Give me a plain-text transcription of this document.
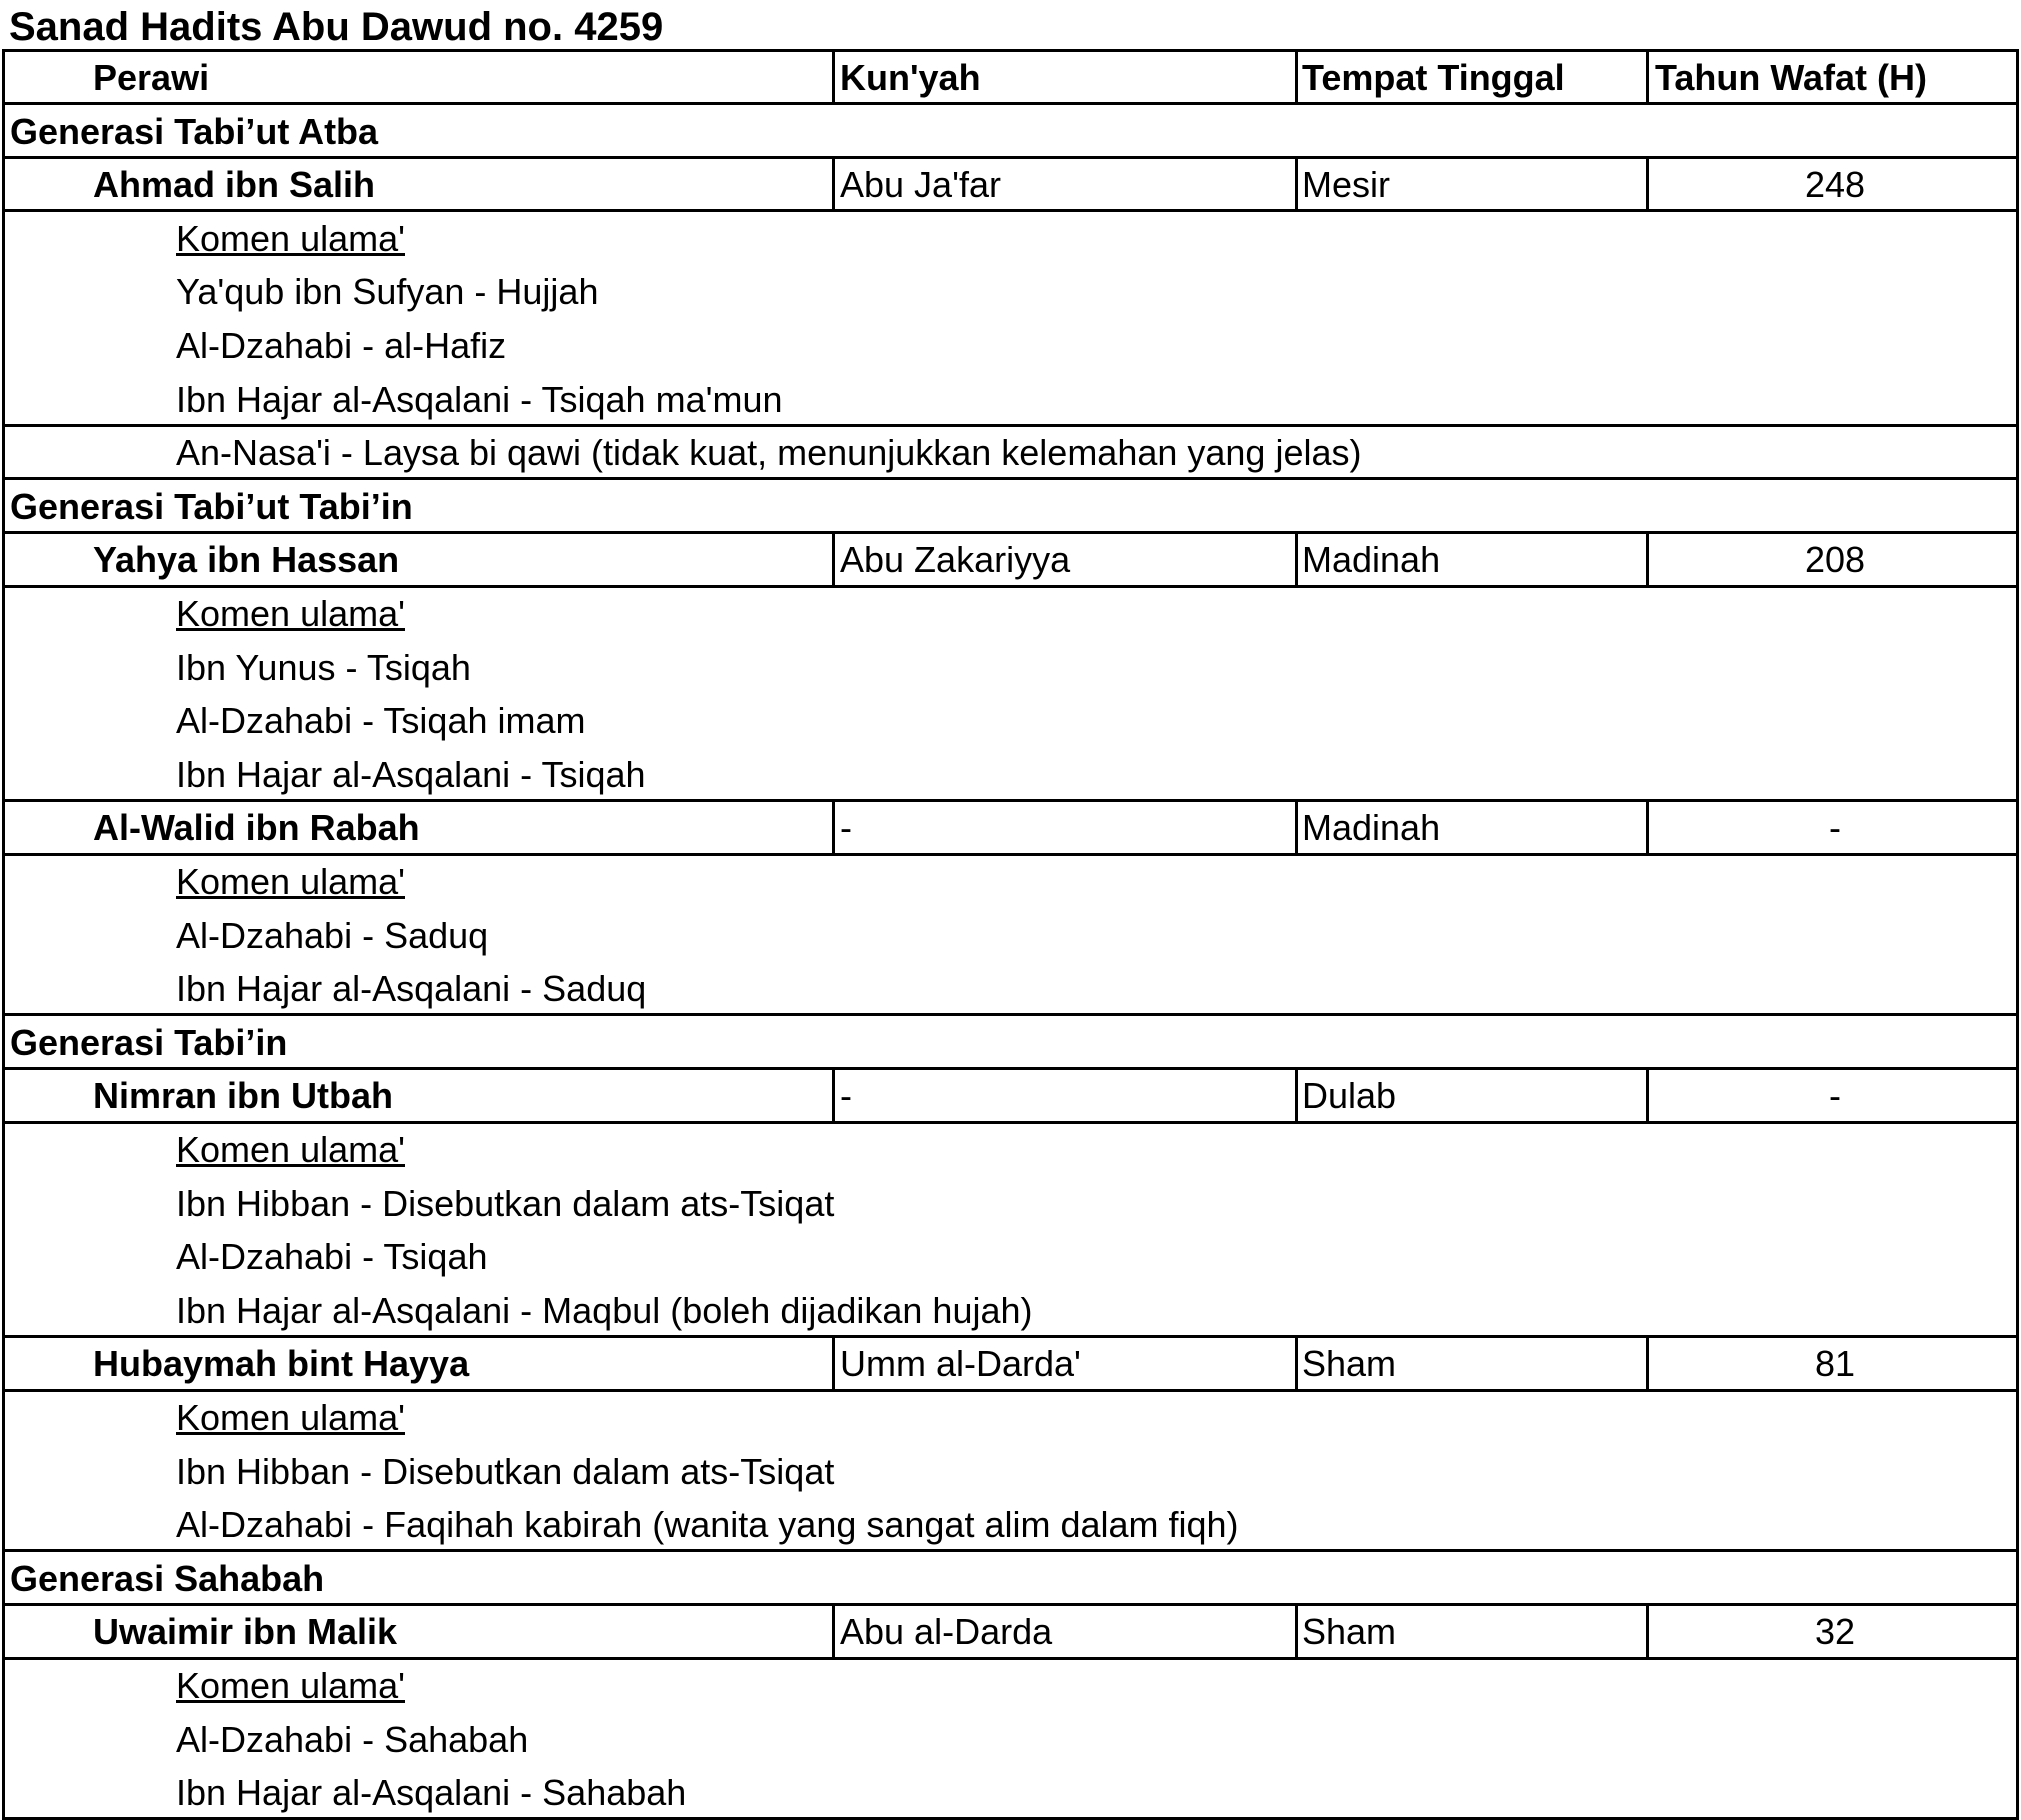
Sanad Hadits Abu Dawud no. 4259
Perawi	Kun'yah	Tempat Tinggal	Tahun Wafat (H)
Generasi Tabi’ut Atba
Ahmad ibn Salih	Abu Ja'far	Mesir	248
Komen ulama'
Ya'qub ibn Sufyan - Hujjah
Al-Dzahabi - al-Hafiz
Ibn Hajar al-Asqalani - Tsiqah ma'mun
An-Nasa'i - Laysa bi qawi (tidak kuat, menunjukkan kelemahan yang jelas)
Generasi Tabi’ut Tabi’in
Yahya ibn Hassan	Abu Zakariyya	Madinah	208
Komen ulama'
Ibn Yunus - Tsiqah
Al-Dzahabi - Tsiqah imam
Ibn Hajar al-Asqalani - Tsiqah
Al-Walid ibn Rabah	-	Madinah	-
Komen ulama'
Al-Dzahabi - Saduq
Ibn Hajar al-Asqalani - Saduq
Generasi Tabi’in
Nimran ibn Utbah	-	Dulab	-
Komen ulama'
Ibn Hibban - Disebutkan dalam ats-Tsiqat
Al-Dzahabi - Tsiqah
Ibn Hajar al-Asqalani - Maqbul (boleh dijadikan hujah)
Hubaymah bint Hayya	Umm al-Darda'	Sham	81
Komen ulama'
Ibn Hibban - Disebutkan dalam ats-Tsiqat
Al-Dzahabi - Faqihah kabirah (wanita yang sangat alim dalam fiqh)
Generasi Sahabah
Uwaimir ibn Malik	Abu al-Darda	Sham	32
Komen ulama'
Al-Dzahabi - Sahabah
Ibn Hajar al-Asqalani - Sahabah
